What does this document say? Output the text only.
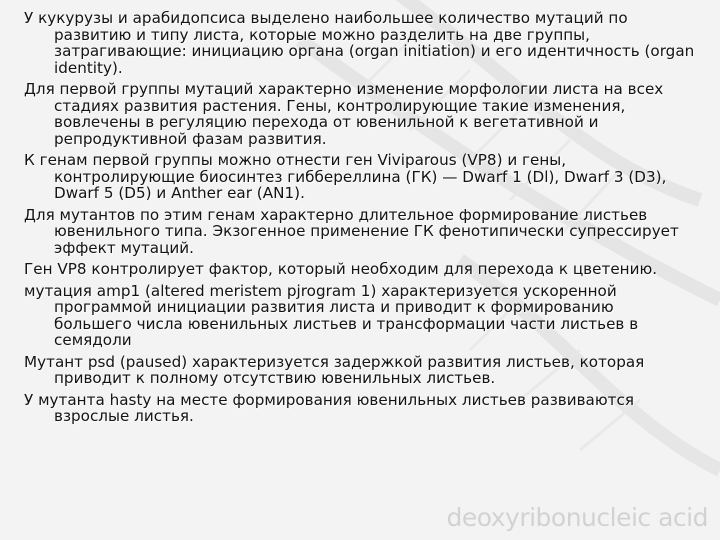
У кукурузы и арабидопсиса выделено наибольшее количество мутаций по развитию и типу листа, которые можно разделить на две группы, затрагивающие: инициацию органа (organ initiation) и его идентичность (organ identity).

Для первой группы мутаций характерно изменение морфологии листа на всех стадиях развития растения. Гены, контролирующие такие изменения, вовлечены в регуляцию перехода от ювенильной к вегетативной и репродуктивной фазам развития.

К генам первой группы можно отнести ген Viviparous (VP8) и гены, контролирующие биосинтез гиббереллина (ГК) — Dwarf 1 (Dl), Dwarf 3 (D3), Dwarf 5 (D5) и Anther ear (AN1).

Для мутантов по этим генам характерно длительное формирование листьев ювенильного типа. Экзогенное применение ГК фенотипически супрессирует эффект мутаций.

Ген VP8 контролирует фактор, который необходим для перехода к цветению.

мутация amp1 (altered meristem pjrogram 1) характеризуется ускоренной программой инициации развития листа и приводит к формированию большего числа ювенильных листьев и трансформации части листьев в семядоли

Мутант psd (paused) характеризуется задержкой развития листьев, которая приводит к полному отсутствию ювенильных листьев.

У мутанта hasty на месте формирования ювенильных листьев развиваются взрослые листья.

deoxyribonucleic acid
